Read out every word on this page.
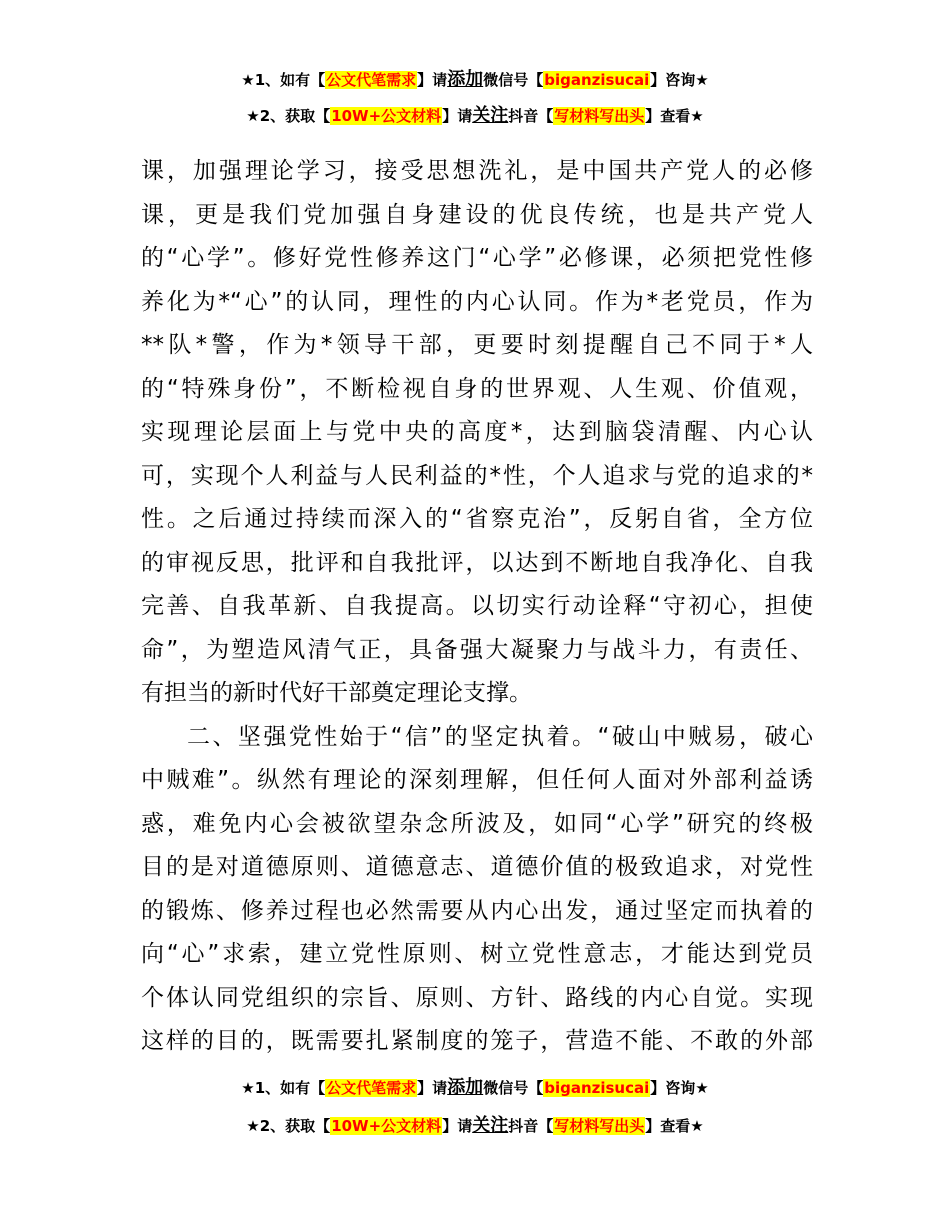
★1、如有【公文代笔需求】请添加微信号【biganzisucai】咨询★
★2、获取【10W+公文材料】请关注抖音【写材料写出头】查看★
课，加强理论学习，接受思想洗礼，是中国共产党人的必修
课，更是我们党加强自身建设的优良传统，也是共产党人
的“心学”。修好党性修养这门“心学”必修课，必须把党性修
养化为*“心”的认同，理性的内心认同。作为*老党员，作为
**队*警，作为*领导干部，更要时刻提醒自己不同于*人
的“特殊身份”，不断检视自身的世界观、人生观、价值观，
实现理论层面上与党中央的高度*，达到脑袋清醒、内心认
可，实现个人利益与人民利益的*性，个人追求与党的追求的*
性。之后通过持续而深入的“省察克治”，反躬自省，全方位
的审视反思，批评和自我批评，以达到不断地自我净化、自我
完善、自我革新、自我提高。以切实行动诠释“守初心，担使
命”，为塑造风清气正，具备强大凝聚力与战斗力，有责任、
有担当的新时代好干部奠定理论支撑。
二、坚强党性始于“信”的坚定执着。“破山中贼易，破心
中贼难”。纵然有理论的深刻理解，但任何人面对外部利益诱
惑，难免内心会被欲望杂念所波及，如同“心学”研究的终极
目的是对道德原则、道德意志、道德价值的极致追求，对党性
的锻炼、修养过程也必然需要从内心出发，通过坚定而执着的
向“心”求索，建立党性原则、树立党性意志，才能达到党员
个体认同党组织的宗旨、原则、方针、路线的内心自觉。实现
这样的目的，既需要扎紧制度的笼子，营造不能、不敢的外部
★1、如有【公文代笔需求】请添加微信号【biganzisucai】咨询★
★2、获取【10W+公文材料】请关注抖音【写材料写出头】查看★
